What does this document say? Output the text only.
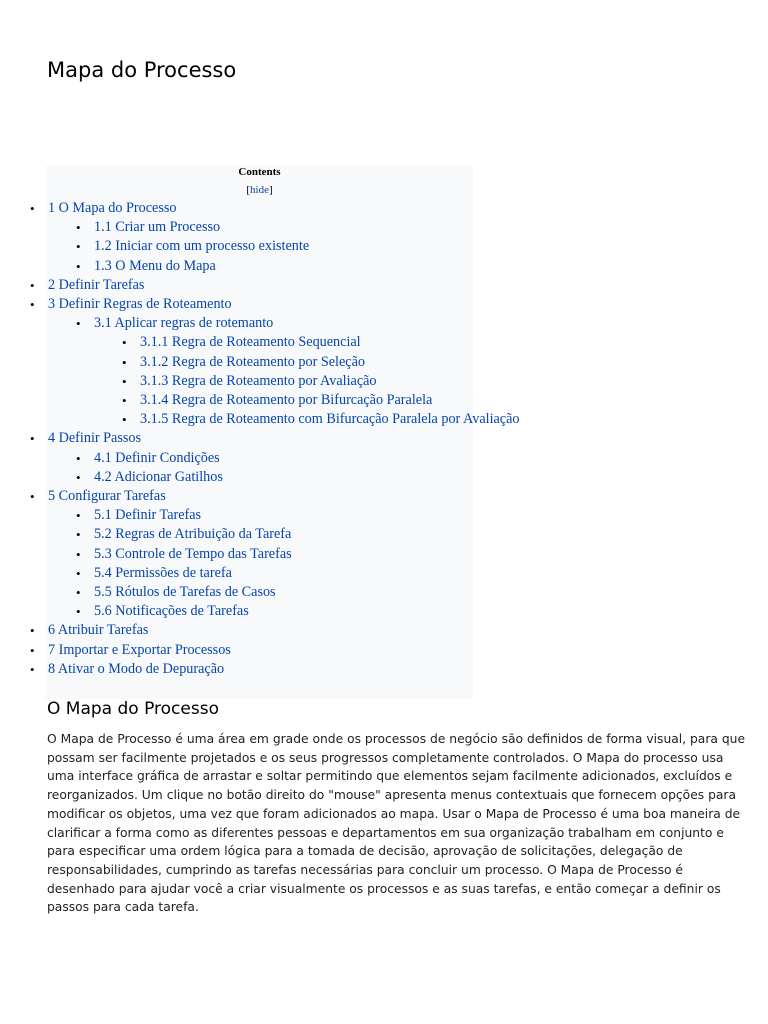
Mapa do Processo
Contents
[hide]
• 1 O Mapa do Processo
• 1.1 Criar um Processo
• 1.2 Iniciar com um processo existente
• 1.3 O Menu do Mapa
• 2 Definir Tarefas
• 3 Definir Regras de Roteamento
• 3.1 Aplicar regras de rotemanto
• 3.1.1 Regra de Roteamento Sequencial
• 3.1.2 Regra de Roteamento por Seleção
• 3.1.3 Regra de Roteamento por Avaliação
• 3.1.4 Regra de Roteamento por Bifurcação Paralela
• 3.1.5 Regra de Roteamento com Bifurcação Paralela por Avaliação
• 4 Definir Passos
• 4.1 Definir Condições
• 4.2 Adicionar Gatilhos
• 5 Configurar Tarefas
• 5.1 Definir Tarefas
• 5.2 Regras de Atribuição da Tarefa
• 5.3 Controle de Tempo das Tarefas
• 5.4 Permissões de tarefa
• 5.5 Rótulos de Tarefas de Casos
• 5.6 Notificações de Tarefas
• 6 Atribuir Tarefas
• 7 Importar e Exportar Processos
• 8 Ativar o Modo de Depuração
O Mapa do Processo

O Mapa de Processo é uma área em grade onde os processos de negócio são definidos de forma visual, para que possam ser facilmente projetados e os seus progressos completamente controlados. O Mapa do processo usa uma interface gráfica de arrastar e soltar permitindo que elementos sejam facilmente adicionados, excluídos e reorganizados. Um clique no botão direito do "mouse" apresenta menus contextuais que fornecem opções para modificar os objetos, uma vez que foram adicionados ao mapa. Usar o Mapa de Processo é uma boa maneira de clarificar a forma como as diferentes pessoas e departamentos em sua organização trabalham em conjunto e para especificar uma ordem lógica para a tomada de decisão, aprovação de solicitações, delegação de responsabilidades, cumprindo as tarefas necessárias para concluir um processo. O Mapa de Processo é desenhado para ajudar você a criar visualmente os processos e as suas tarefas, e então começar a definir os passos para cada tarefa.
